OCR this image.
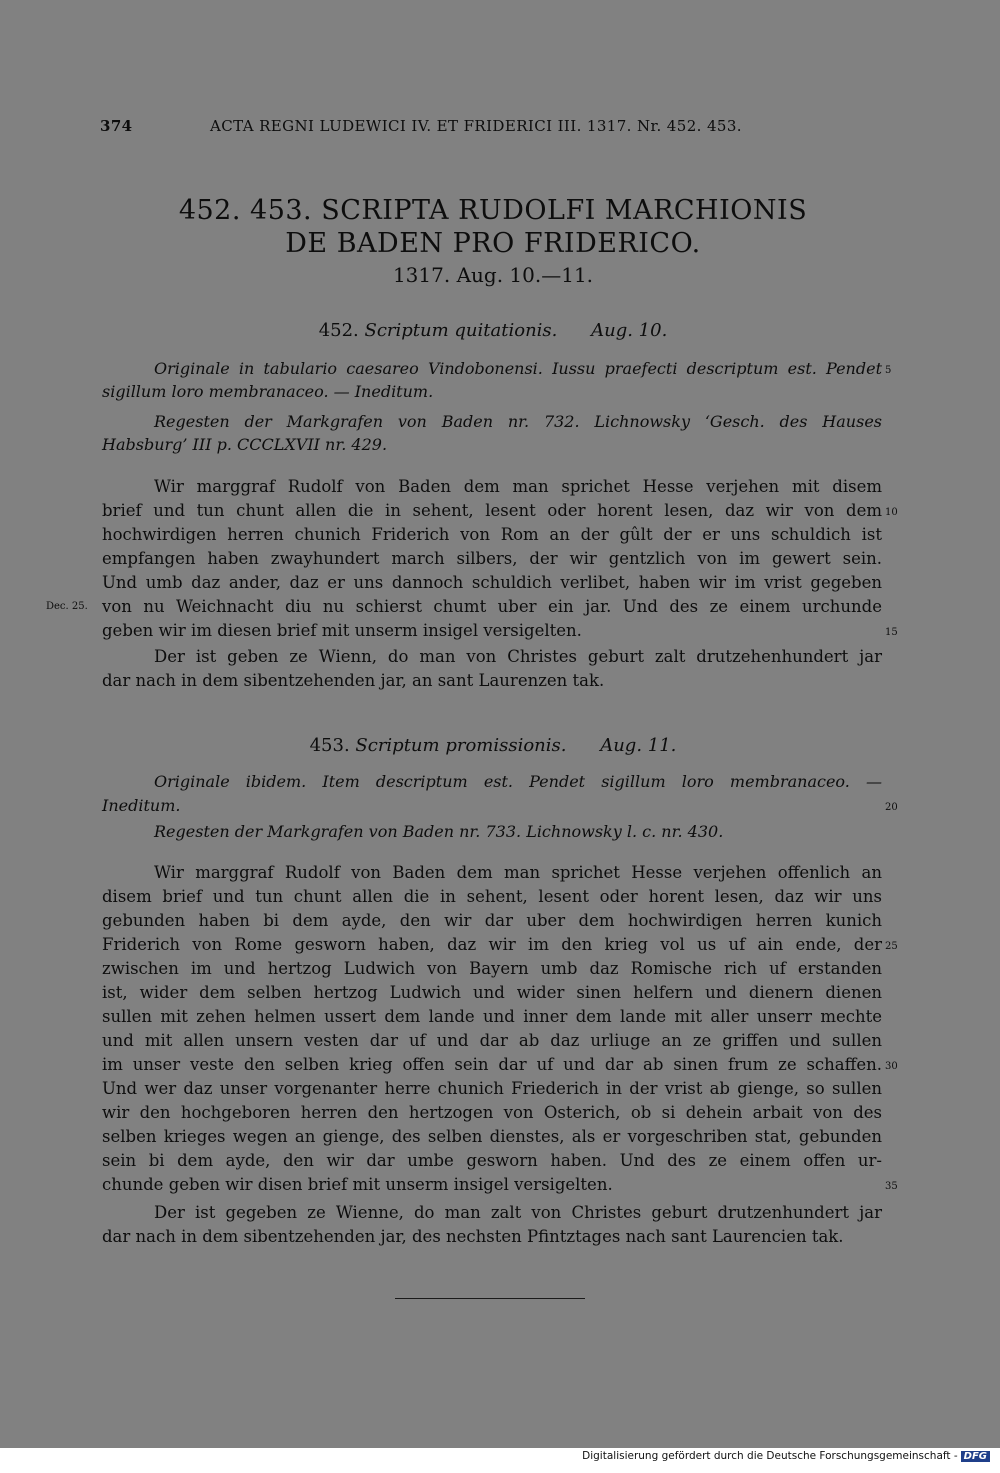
374	ACTA REGNI LUDEWICI IV. ET FRIDERICI III. 1317. Nr. 452. 453.
452. 453. SCRIPTA RUDOLFI MARCHIONIS
DE BADEN PRO FRIDERICO.
1317. Aug. 10.—11.
452. Scriptum quitationis. Aug. 10.
Originale in tabulario caesareo Vindobonensi. Iussu praefecti descriptum est. Pendet
sigillum loro membranaceo. — Ineditum.
Regesten der Markgrafen von Baden nr. 732. Lichnowsky ‘Gesch. des Hauses
Habsburg’ III p. CCCLXVII nr. 429.
Wir marggraf Rudolf von Baden dem man sprichet Hesse verjehen mit disem
brief und tun chunt allen die in sehent, lesent oder horent lesen, daz wir von dem
hochwirdigen herren chunich Friderich von Rom an der gûlt der er uns schuldich ist
empfangen haben zwayhundert march silbers, der wir gentzlich von im gewert sein.
Und umb daz ander, daz er uns dannoch schuldich verlibet, haben wir im vrist gegeben
von nu Weichnacht diu nu schierst chumt uber ein jar. Und des ze einem urchunde
geben wir im diesen brief mit unserm insigel versigelten.
Der ist geben ze Wienn, do man von Christes geburt zalt drutzehenhundert jar
dar nach in dem sibentzehenden jar, an sant Laurenzen tak.
Dec. 25.
453. Scriptum promissionis. Aug. 11.
Originale ibidem. Item descriptum est. Pendet sigillum loro membranaceo. —
Ineditum.
Regesten der Markgrafen von Baden nr. 733. Lichnowsky l. c. nr. 430.
Wir marggraf Rudolf von Baden dem man sprichet Hesse verjehen offenlich an
disem brief und tun chunt allen die in sehent, lesent oder horent lesen, daz wir uns
gebunden haben bi dem ayde, den wir dar uber dem hochwirdigen herren kunich
Friderich von Rome gesworn haben, daz wir im den krieg vol us uf ain ende, der
zwischen im und hertzog Ludwich von Bayern umb daz Romische rich uf erstanden
ist, wider dem selben hertzog Ludwich und wider sinen helfern und dienern dienen
sullen mit zehen helmen ussert dem lande und inner dem lande mit aller unserr mechte
und mit allen unsern vesten dar uf und dar ab daz urliuge an ze griffen und sullen
im unser veste den selben krieg offen sein dar uf und dar ab sinen frum ze schaffen.
Und wer daz unser vorgenanter herre chunich Friederich in der vrist ab gienge, so sullen
wir den hochgeboren herren den hertzogen von Osterich, ob si dehein arbait von des
selben krieges wegen an gienge, des selben dienstes, als er vorgeschriben stat, gebunden
sein bi dem ayde, den wir dar umbe gesworn haben. Und des ze einem offen ur-
chunde geben wir disen brief mit unserm insigel versigelten.
Der ist gegeben ze Wienne, do man zalt von Christes geburt drutzenhundert jar
dar nach in dem sibentzehenden jar, des nechsten Pfintztages nach sant Laurencien tak.
5
10
15
20
25
30
35
Digitalisierung gefördert durch die Deutsche Forschungsgemeinschaft - DFG
